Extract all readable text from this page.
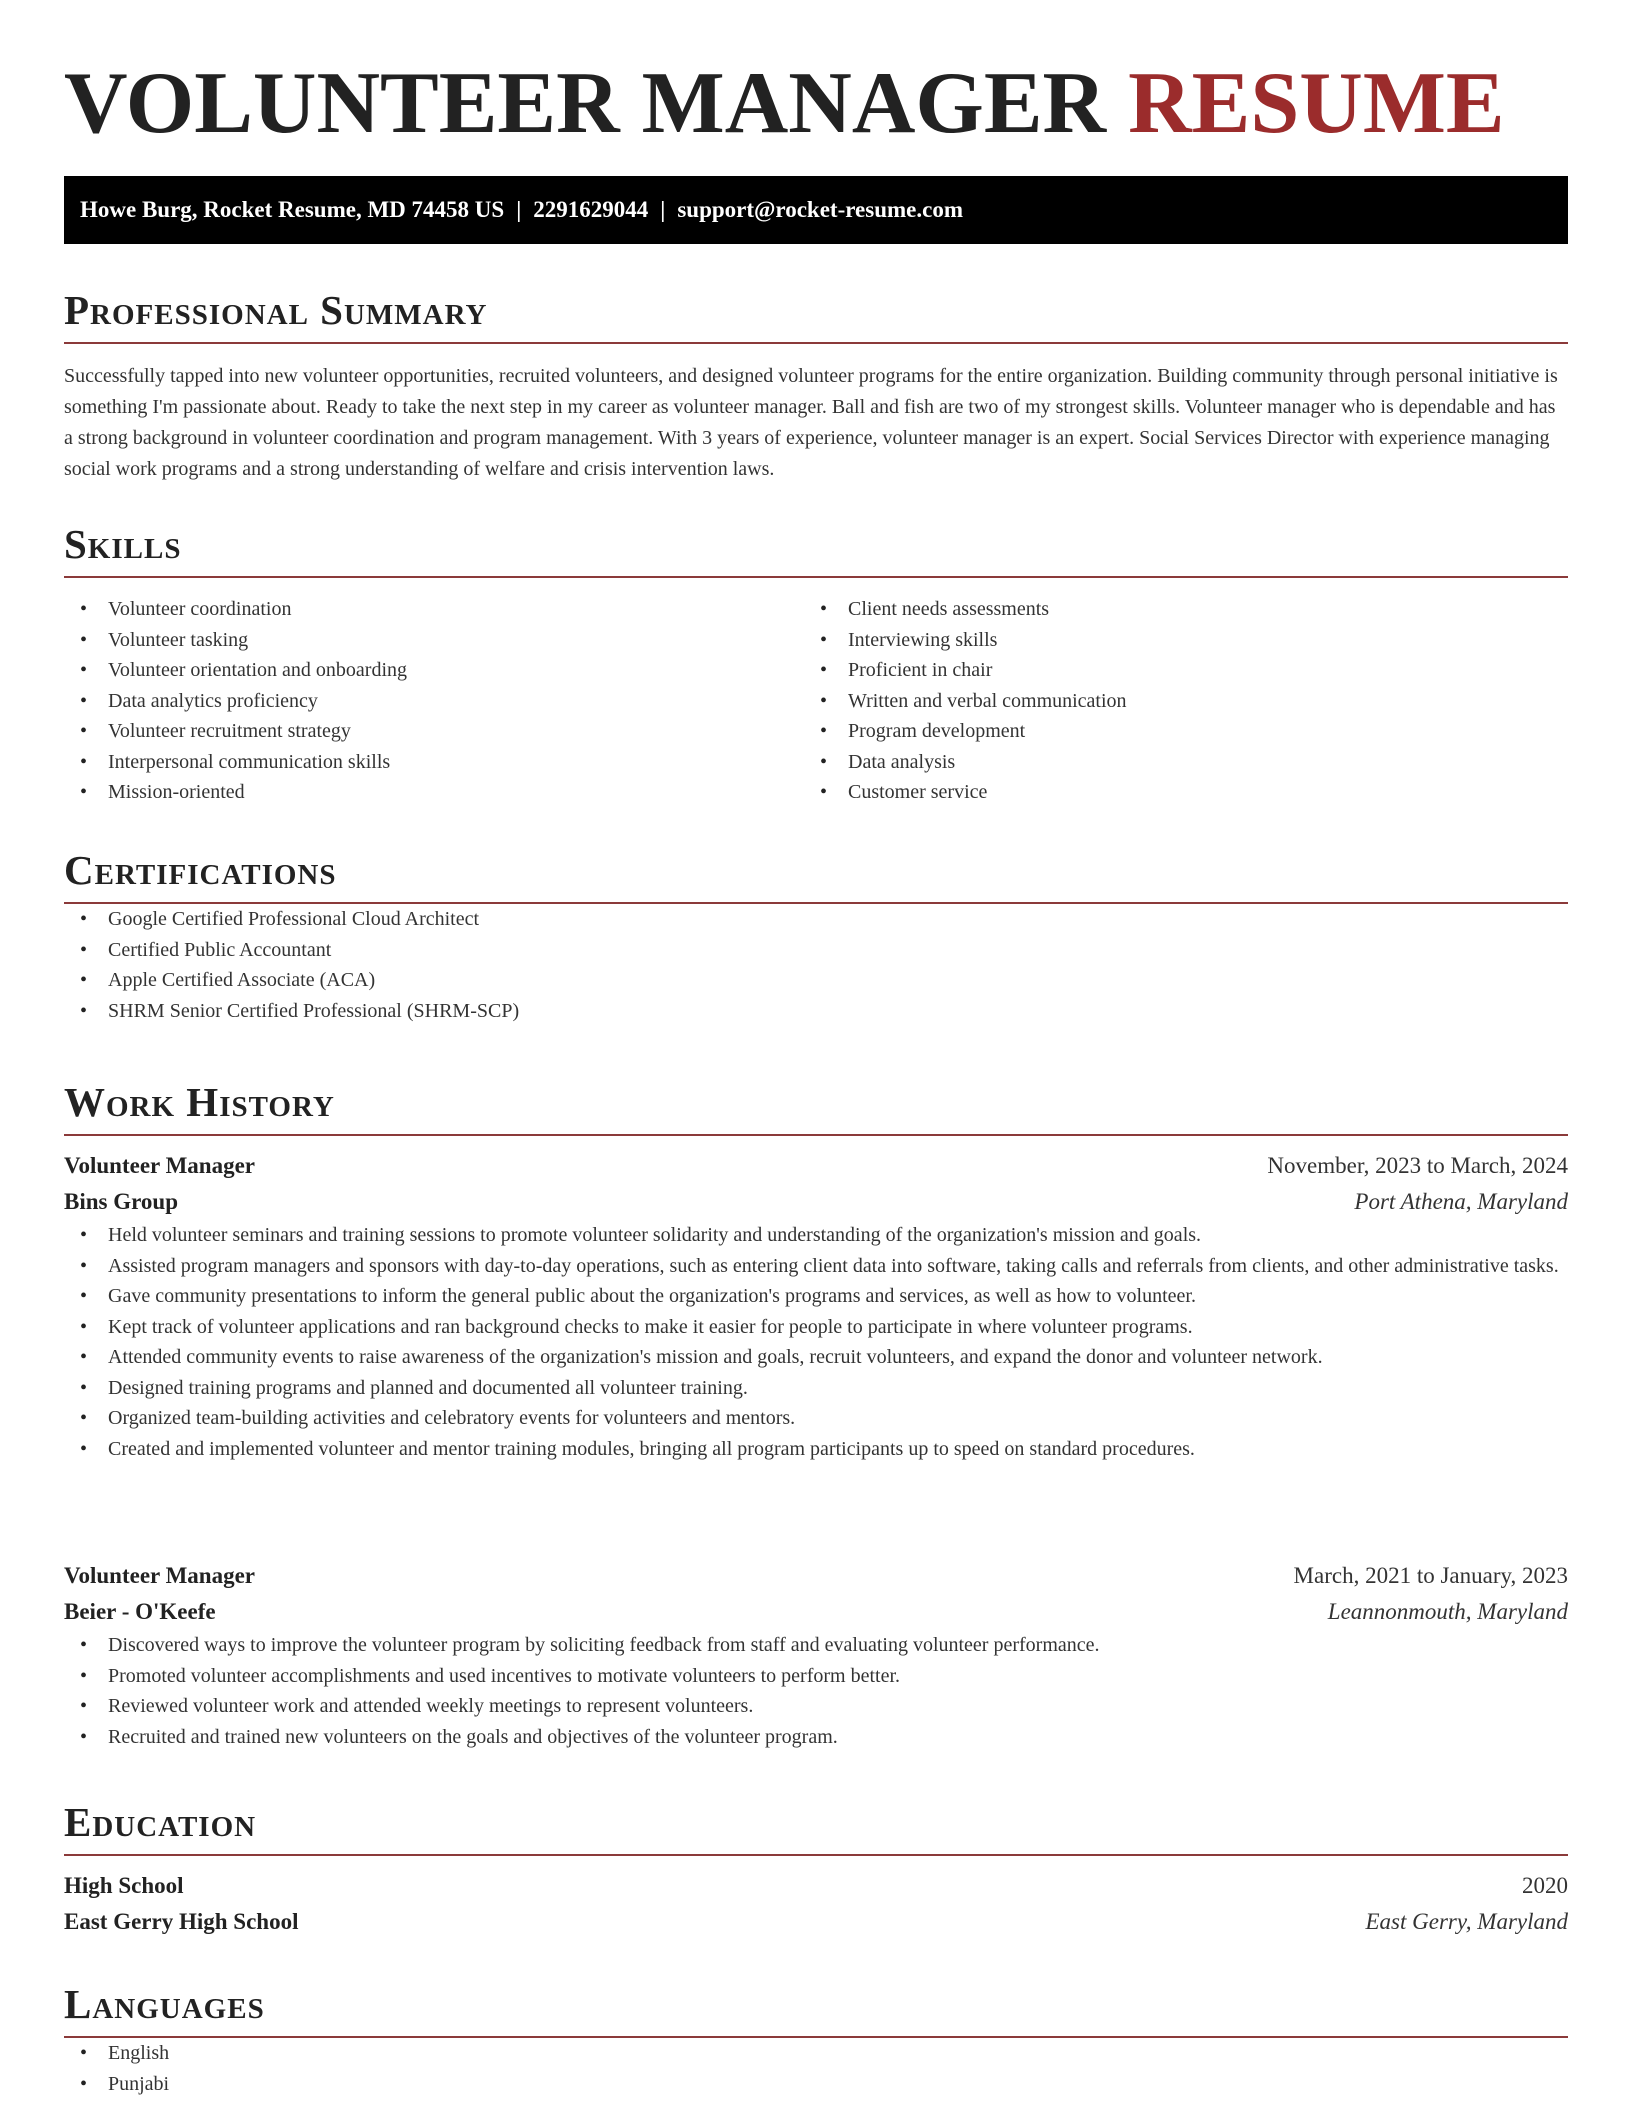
VOLUNTEER MANAGER RESUME
Howe Burg, Rocket Resume, MD 74458 US | 2291629044 | support@rocket-resume.com
Professional Summary

Successfully tapped into new volunteer opportunities, recruited volunteers, and designed volunteer programs for the entire organization. Building community through personal initiative is something I'm passionate about. Ready to take the next step in my career as volunteer manager. Ball and fish are two of my strongest skills. Volunteer manager who is dependable and has a strong background in volunteer coordination and program management. With 3 years of experience, volunteer manager is an expert. Social Services Director with experience managing social work programs and a strong understanding of welfare and crisis intervention laws.

Skills
• Volunteer coordination
• Volunteer tasking
• Volunteer orientation and onboarding
• Data analytics proficiency
• Volunteer recruitment strategy
• Interpersonal communication skills
• Mission-oriented
• Client needs assessments
• Interviewing skills
• Proficient in chair
• Written and verbal communication
• Program development
• Data analysis
• Customer service
Certifications
• Google Certified Professional Cloud Architect
• Certified Public Accountant
• Apple Certified Associate (ACA)
• SHRM Senior Certified Professional (SHRM-SCP)
Work History
Volunteer Manager	November, 2023 to March, 2024
Bins Group	Port Athena, Maryland
• Held volunteer seminars and training sessions to promote volunteer solidarity and understanding of the organization's mission and goals.
• Assisted program managers and sponsors with day-to-day operations, such as entering client data into software, taking calls and referrals from clients, and other administrative tasks.
• Gave community presentations to inform the general public about the organization's programs and services, as well as how to volunteer.
• Kept track of volunteer applications and ran background checks to make it easier for people to participate in where volunteer programs.
• Attended community events to raise awareness of the organization's mission and goals, recruit volunteers, and expand the donor and volunteer network.
• Designed training programs and planned and documented all volunteer training.
• Organized team-building activities and celebratory events for volunteers and mentors.
• Created and implemented volunteer and mentor training modules, bringing all program participants up to speed on standard procedures.
Volunteer Manager	March, 2021 to January, 2023
Beier - O'Keefe	Leannonmouth, Maryland
• Discovered ways to improve the volunteer program by soliciting feedback from staff and evaluating volunteer performance.
• Promoted volunteer accomplishments and used incentives to motivate volunteers to perform better.
• Reviewed volunteer work and attended weekly meetings to represent volunteers.
• Recruited and trained new volunteers on the goals and objectives of the volunteer program.
Education
High School	2020
East Gerry High School	East Gerry, Maryland
Languages
• English
• Punjabi
